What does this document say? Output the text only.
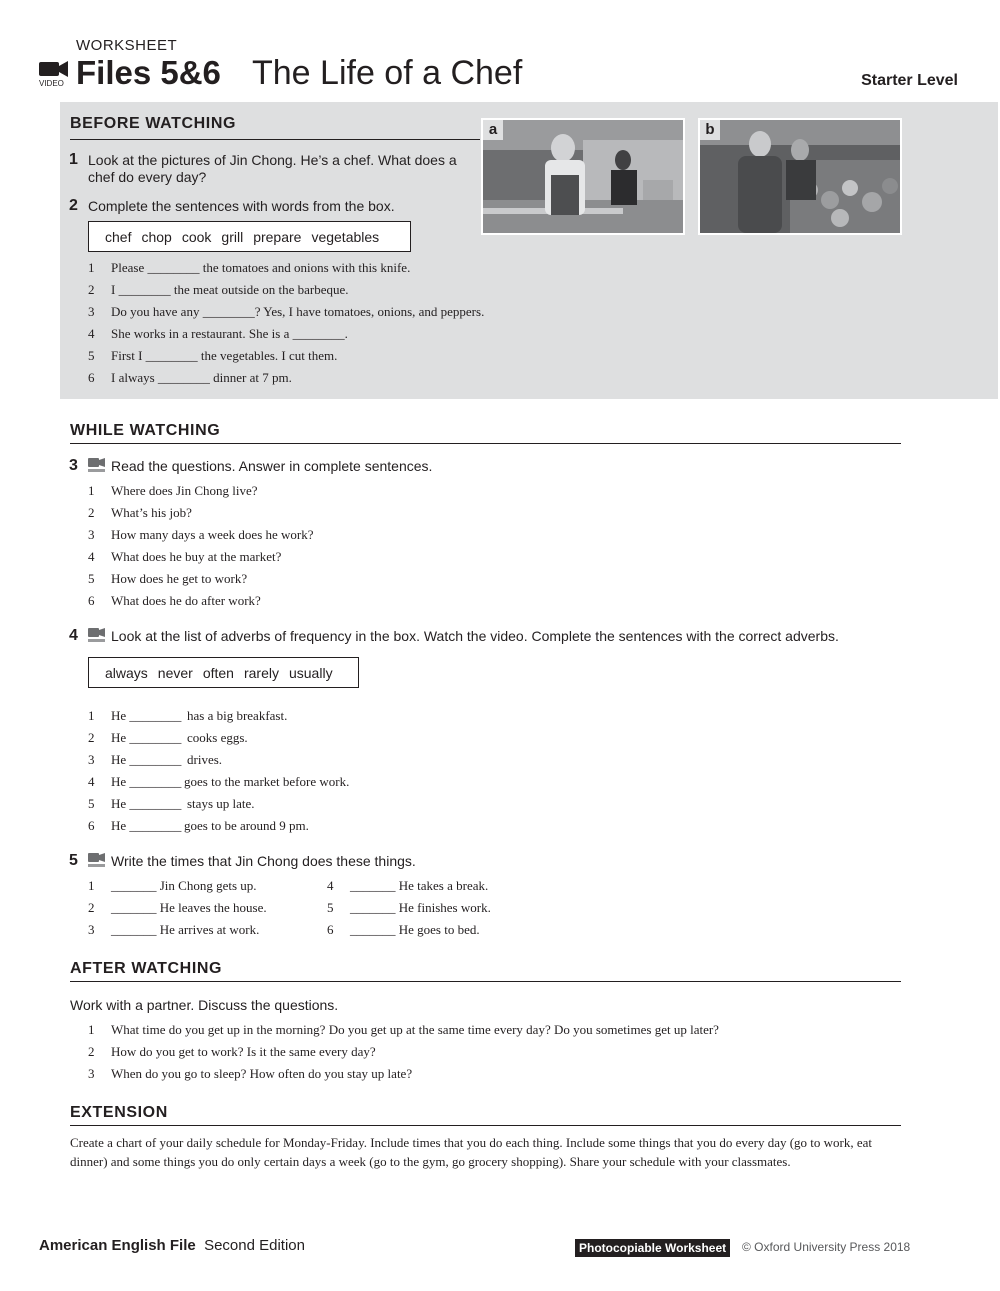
WORKSHEET
VIDEO Files 5&6 The Life of a Chef	Starter Level
BEFORE WATCHING
1 Look at the pictures of Jin Chong. He’s a chef. What does a chef do every day?
2 Complete the sentences with words from the box.
chef chop cook grill prepare vegetables
1	Please ________ the tomatoes and onions with this knife.
2	I ________ the meat outside on the barbeque.
3	Do you have any ________? Yes, I have tomatoes, onions, and peppers.
4	She works in a restaurant. She is a ________.
5	First I ________ the vegetables. I cut them.
6	I always ________ dinner at 7 pm.
a	b
WHILE WATCHING
3	Read the questions. Answer in complete sentences.
1	Where does Jin Chong live?
2	What’s his job?
3	How many days a week does he work?
4	What does he buy at the market?
5	How does he get to work?
6	What does he do after work?
4	Look at the list of adverbs of frequency in the box. Watch the video. Complete the sentences with the correct adverbs.
always never often rarely usually
1	He ________ has a big breakfast.
2	He ________ cooks eggs.
3	He ________ drives.
4	He ________ goes to the market before work.
5	He ________ stays up late.
6	He ________ goes to be around 9 pm.
5	Write the times that Jin Chong does these things.
1	_______ Jin Chong gets up.
2	_______ He leaves the house.
3	_______ He arrives at work.
4	_______ He takes a break.
5	_______ He finishes work.
6	_______ He goes to bed.
AFTER WATCHING
Work with a partner. Discuss the questions.
1	What time do you get up in the morning? Do you get up at the same time every day? Do you sometimes get up later?
2	How do you get to work? Is it the same every day?
3	When do you go to sleep? How often do you stay up late?
EXTENSION
Create a chart of your daily schedule for Monday-Friday. Include times that you do each thing. Include some things that you do every day (go to work, eat dinner) and some things you do only certain days a week (go to the gym, go grocery shopping). Share your schedule with your classmates.
American English File Second Edition	Photocopiable Worksheet	© Oxford University Press 2018
